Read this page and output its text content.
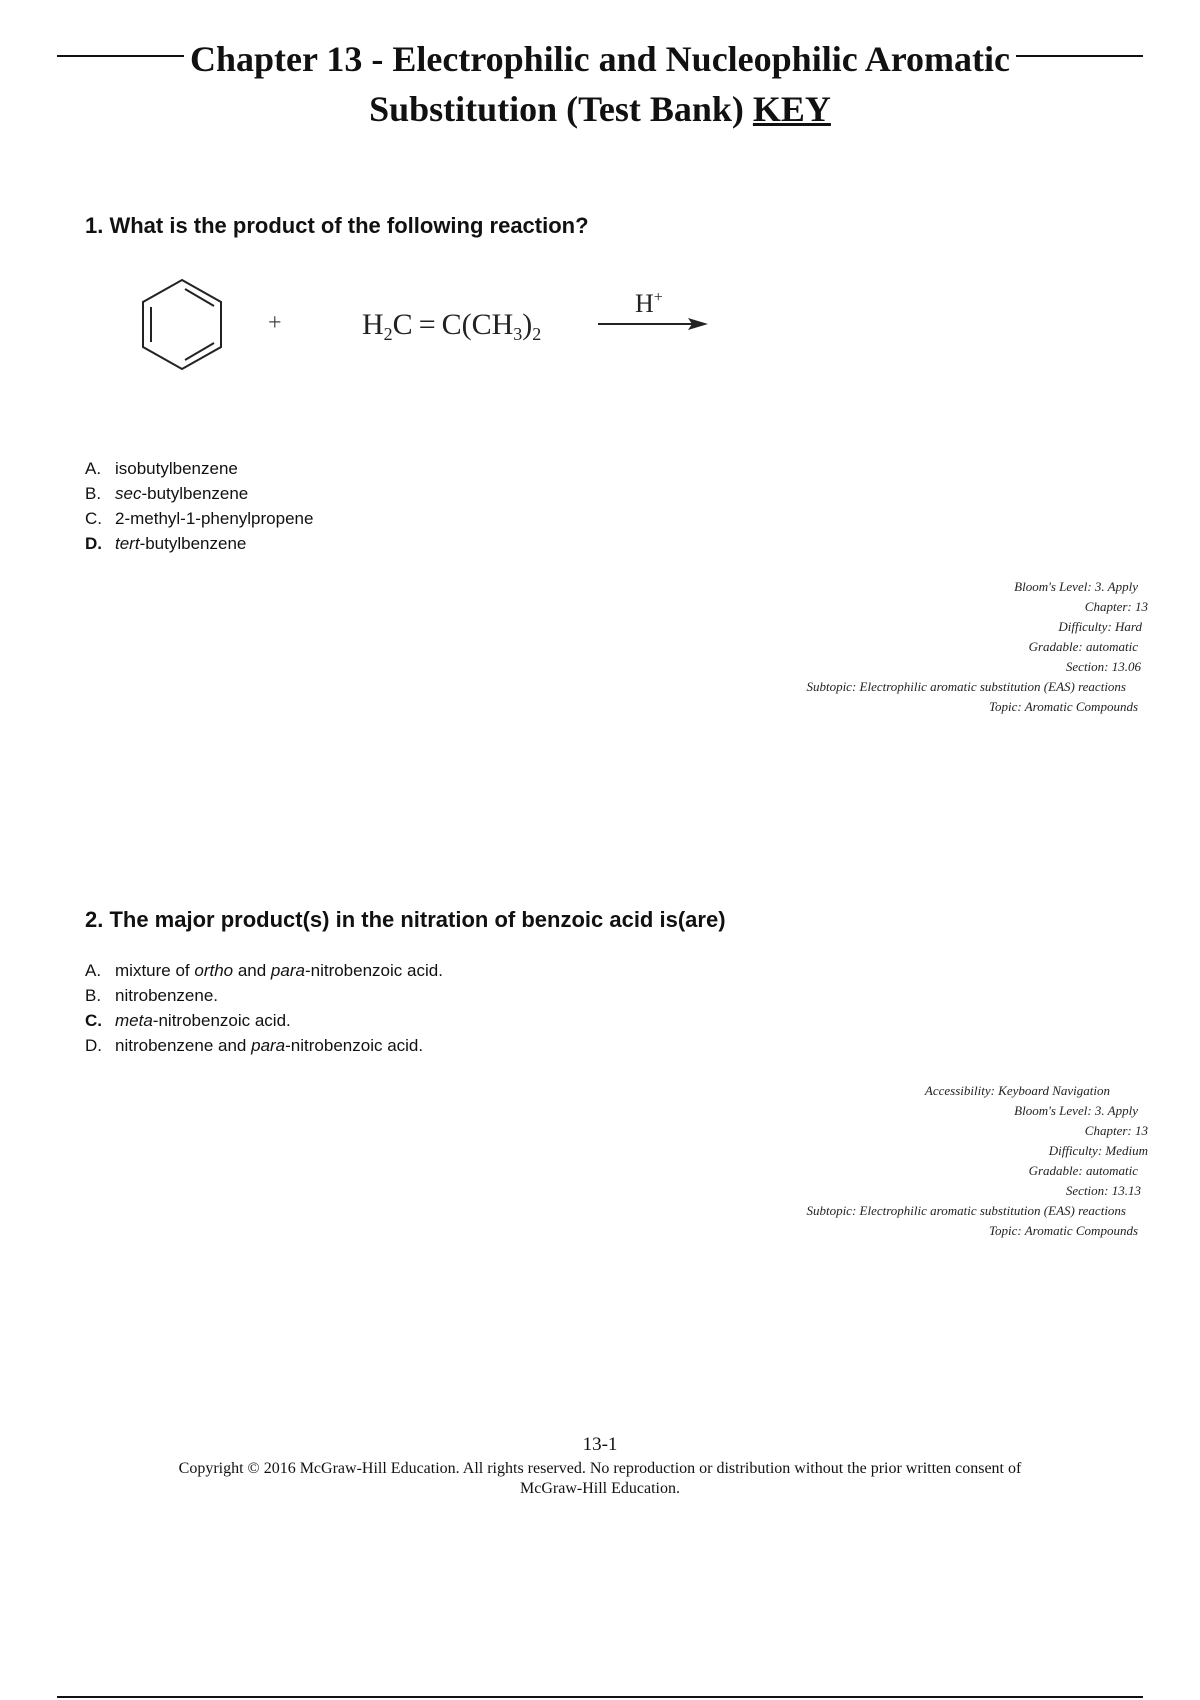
Chapter 13 - Electrophilic and Nucleophilic Aromatic
Substitution (Test Bank) KEY
1. What is the product of the following reaction?
+	$H_2C = C(CH_3)_2$
H+
A. isobutylbenzene
B. sec-butylbenzene
C. 2-methyl-1-phenylpropene
D. tert-butylbenzene
Bloom's Level: 3. Apply
Chapter: 13
Difficulty: Hard
Gradable: automatic
Section: 13.06
Subtopic: Electrophilic aromatic substitution (EAS) reactions
Topic: Aromatic Compounds
2. The major product(s) in the nitration of benzoic acid is(are)
A. mixture of ortho and para-nitrobenzoic acid.
B. nitrobenzene.
C. meta-nitrobenzoic acid.
D. nitrobenzene and para-nitrobenzoic acid.
Accessibility: Keyboard Navigation
Bloom's Level: 3. Apply
Chapter: 13
Difficulty: Medium
Gradable: automatic
Section: 13.13
Subtopic: Electrophilic aromatic substitution (EAS) reactions
Topic: Aromatic Compounds
13-1
Copyright © 2016 McGraw-Hill Education. All rights reserved. No reproduction or distribution without the prior written consent of
McGraw-Hill Education.
